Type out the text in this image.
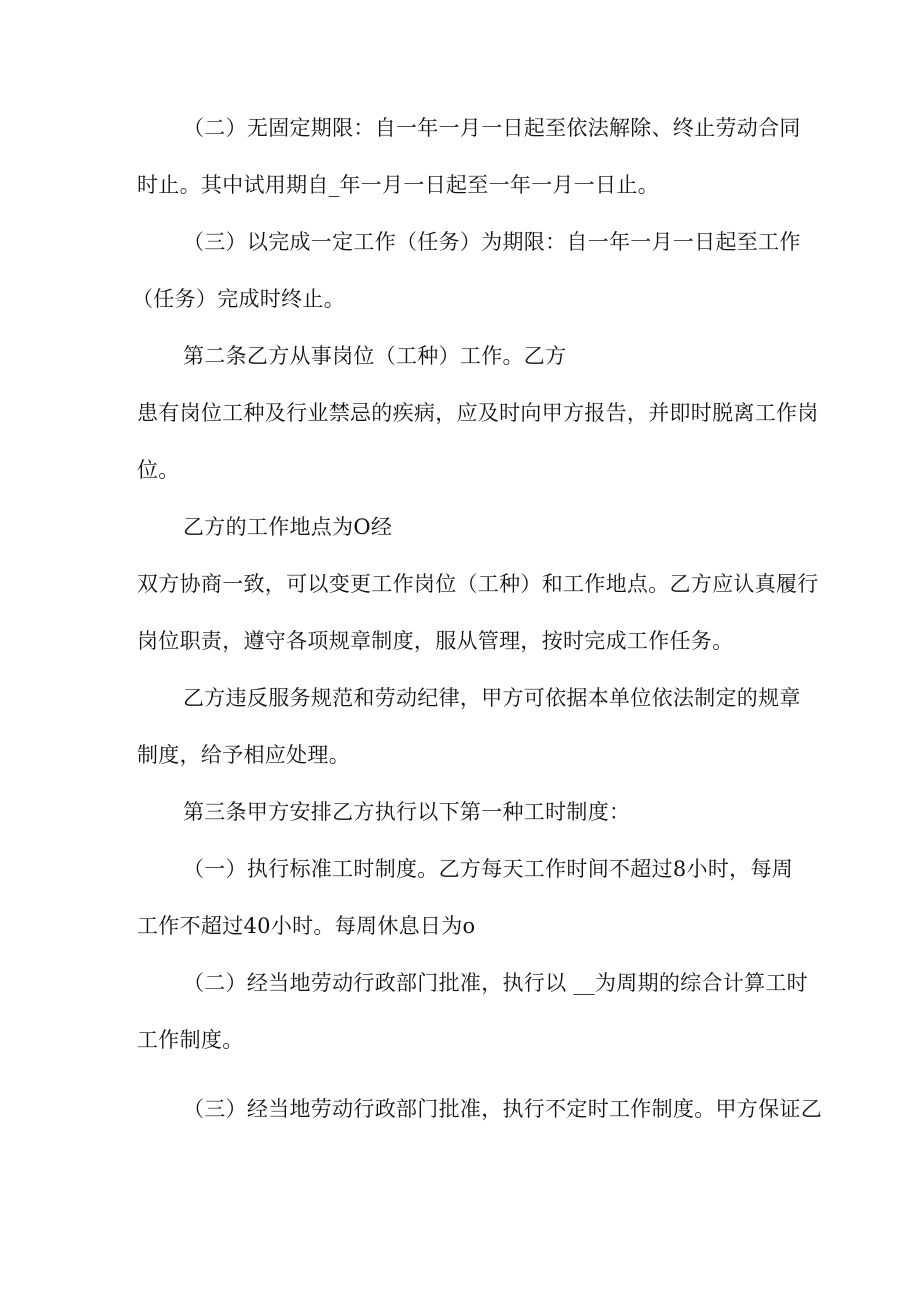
（二）无固定期限：自一年一月一日起至依法解除、终止劳动合同
时止。其中试用期自_年一月一日起至一年一月一日止。
（三）以完成一定工作（任务）为期限：自一年一月一日起至工作
（任务）完成时终止。
第二条乙方从事岗位（工种）工作。乙方
患有岗位工种及行业禁忌的疾病，应及时向甲方报告，并即时脱离工作岗
位。
乙方的工作地点为O经
双方协商一致，可以变更工作岗位（工种）和工作地点。乙方应认真履行
岗位职责，遵守各项规章制度，服从管理，按时完成工作任务。
乙方违反服务规范和劳动纪律，甲方可依据本单位依法制定的规章
制度，给予相应处理。
第三条甲方安排乙方执行以下第一种工时制度：
（一）执行标准工时制度。乙方每天工作时间不超过8小时，每周
工作不超过40小时。每周休息日为o
（二）经当地劳动行政部门批准，执行以 __为周期的综合计算工时
工作制度。
（三）经当地劳动行政部门批准，执行不定时工作制度。甲方保证乙
